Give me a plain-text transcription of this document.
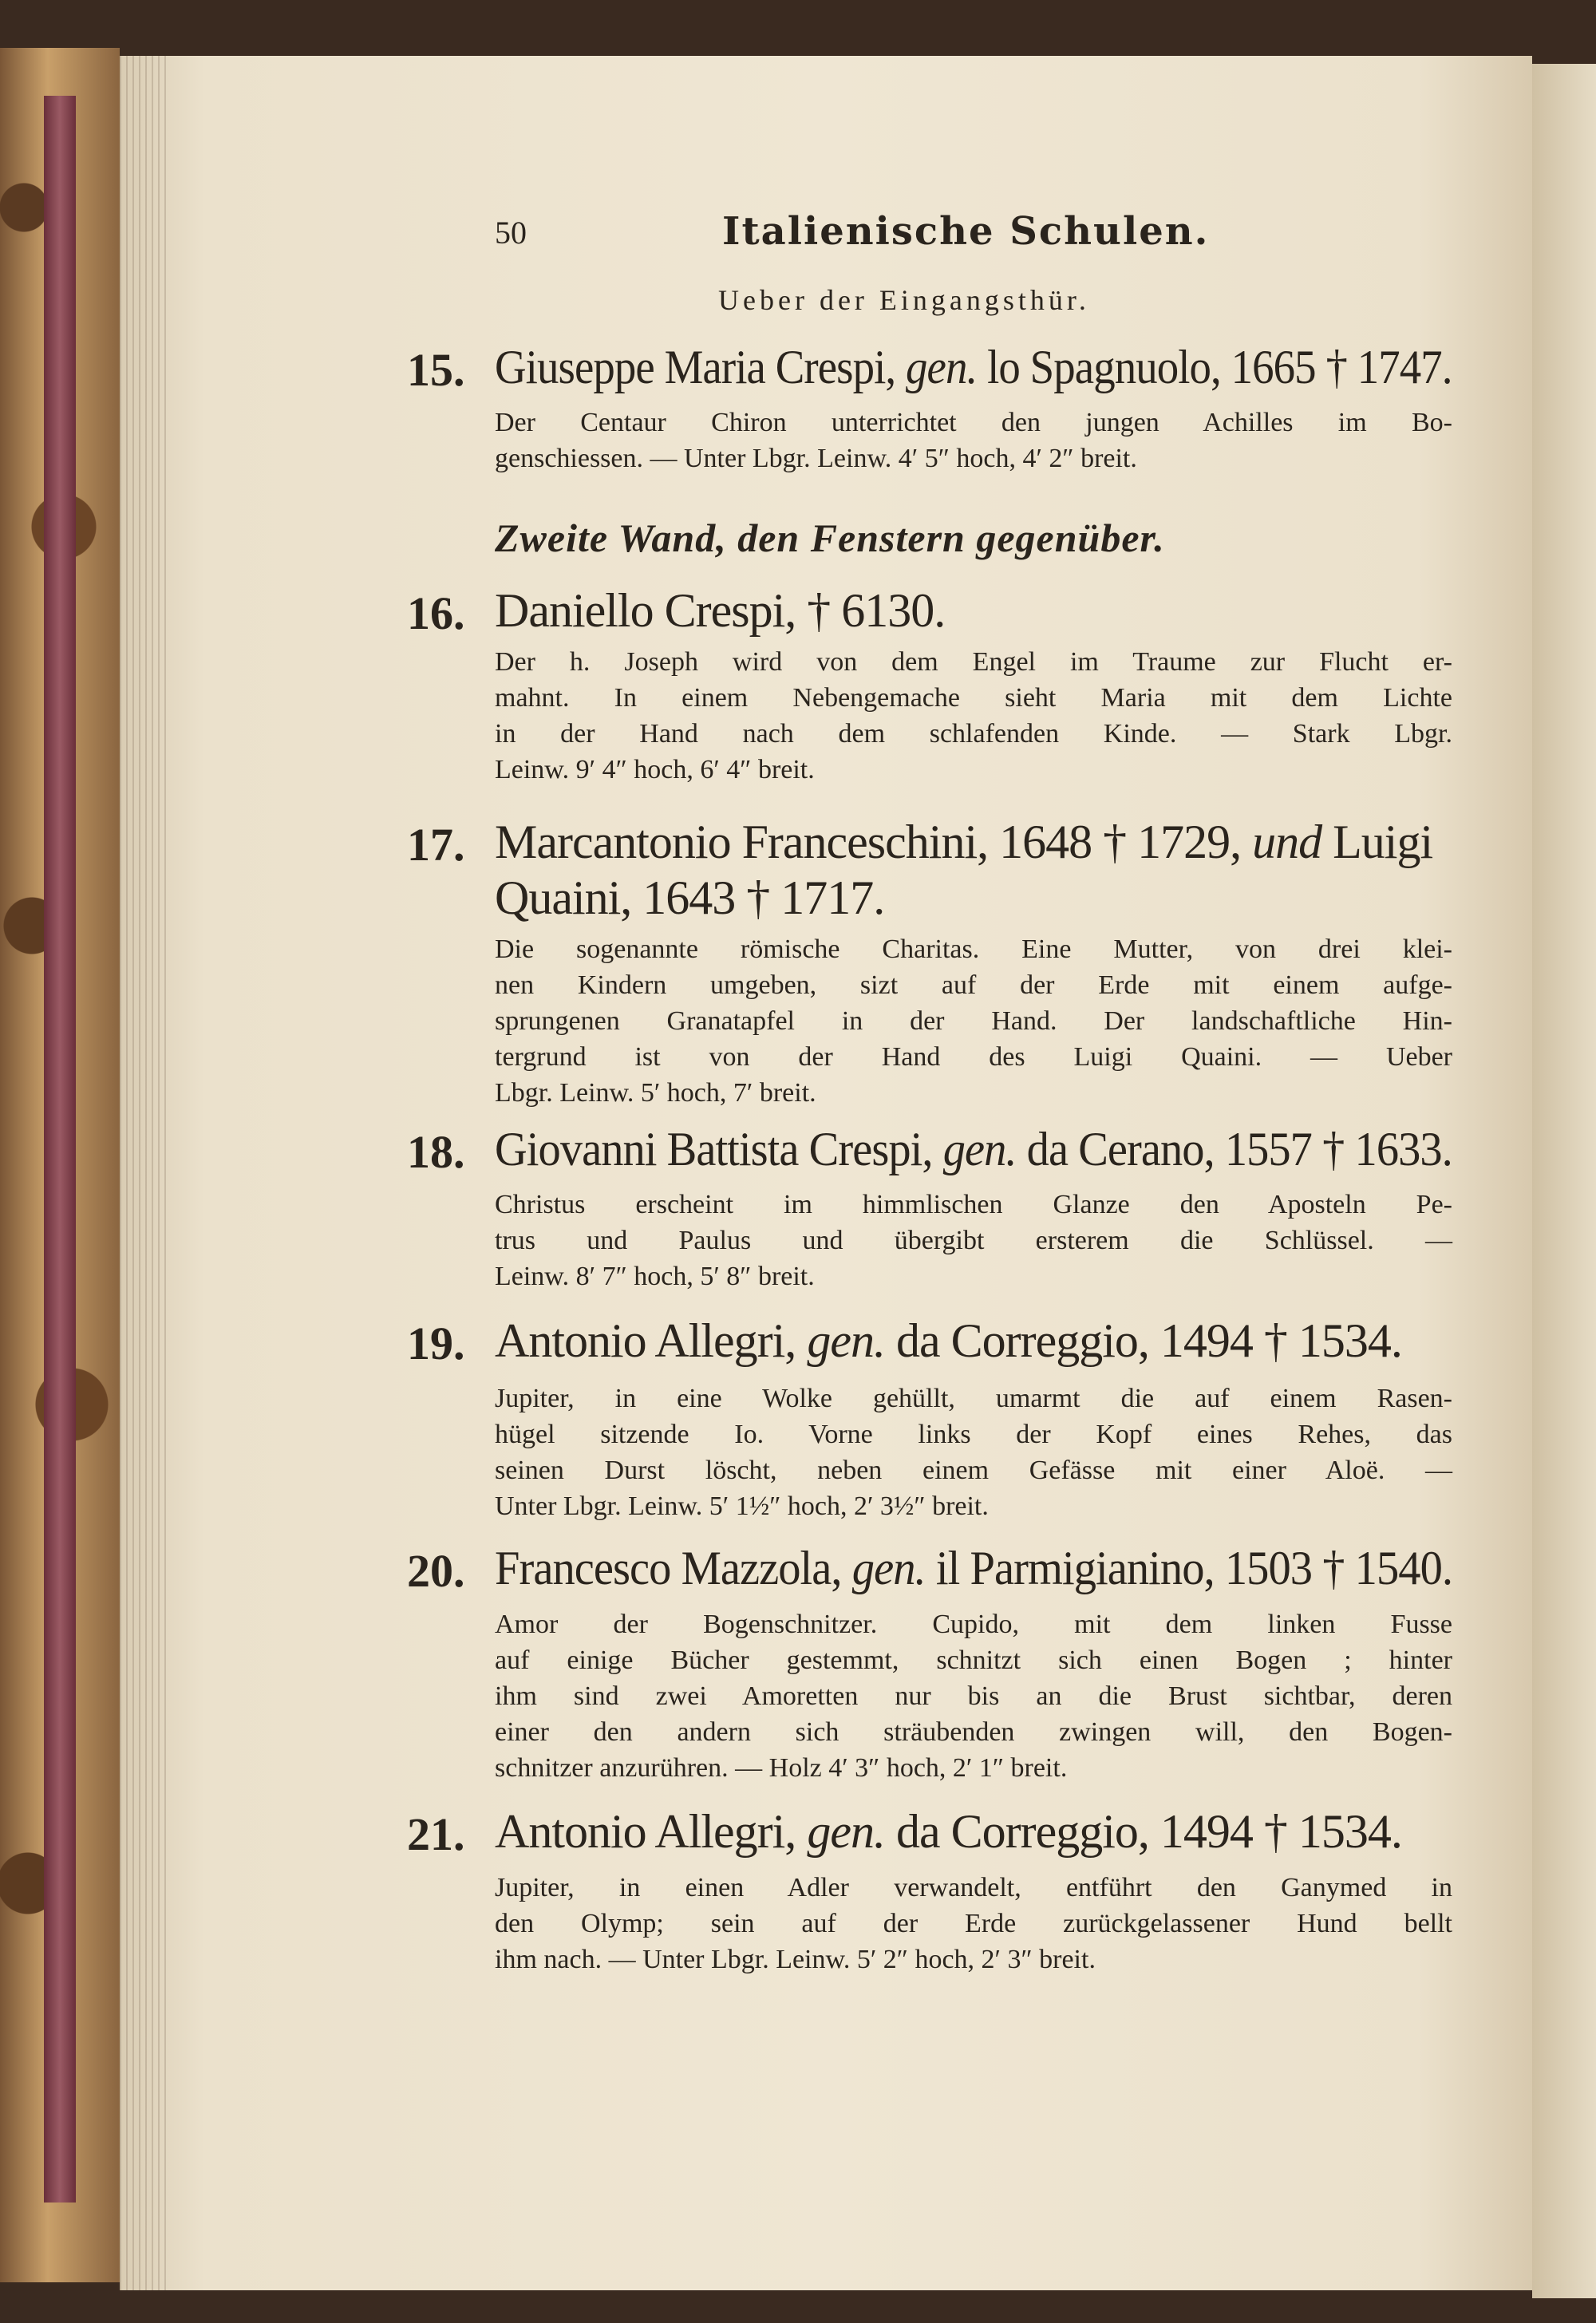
50	Italienische Schulen.
Ueber der Eingangsthür.
15. Giuseppe Maria Crespi, gen. lo Spagnuolo, 1665 † 1747.
Der Centaur Chiron unterrichtet den jungen Achilles im Bo-
genschiessen. — Unter Lbgr. Leinw. 4′ 5″ hoch, 4′ 2″ breit.
Zweite Wand, den Fenstern gegenüber.
16. Daniello Crespi, † 6130.
Der h. Joseph wird von dem Engel im Traume zur Flucht er-
mahnt. In einem Nebengemache sieht Maria mit dem Lichte
in der Hand nach dem schlafenden Kinde. — Stark Lbgr.
Leinw. 9′ 4″ hoch, 6′ 4″ breit.
17. Marcantonio Franceschini, 1648 † 1729, und Luigi
Quaini, 1643 † 1717.
Die sogenannte römische Charitas. Eine Mutter, von drei klei-
nen Kindern umgeben, sizt auf der Erde mit einem aufge-
sprungenen Granatapfel in der Hand. Der landschaftliche Hin-
tergrund ist von der Hand des Luigi Quaini. — Ueber
Lbgr. Leinw. 5′ hoch, 7′ breit.
18. Giovanni Battista Crespi, gen. da Cerano, 1557 † 1633.
Christus erscheint im himmlischen Glanze den Aposteln Pe-
trus und Paulus und übergibt ersterem die Schlüssel. —
Leinw. 8′ 7″ hoch, 5′ 8″ breit.
19. Antonio Allegri, gen. da Correggio, 1494 † 1534.
Jupiter, in eine Wolke gehüllt, umarmt die auf einem Rasen-
hügel sitzende Io. Vorne links der Kopf eines Rehes, das
seinen Durst löscht, neben einem Gefässe mit einer Aloë. —
Unter Lbgr. Leinw. 5′ 1½″ hoch, 2′ 3½″ breit.
20. Francesco Mazzola, gen. il Parmigianino, 1503 † 1540.
Amor der Bogenschnitzer. Cupido, mit dem linken Fusse
auf einige Bücher gestemmt, schnitzt sich einen Bogen ; hinter
ihm sind zwei Amoretten nur bis an die Brust sichtbar, deren
einer den andern sich sträubenden zwingen will, den Bogen-
schnitzer anzurühren. — Holz 4′ 3″ hoch, 2′ 1″ breit.
21. Antonio Allegri, gen. da Correggio, 1494 † 1534.
Jupiter, in einen Adler verwandelt, entführt den Ganymed in
den Olymp; sein auf der Erde zurückgelassener Hund bellt
ihm nach. — Unter Lbgr. Leinw. 5′ 2″ hoch, 2′ 3″ breit.
